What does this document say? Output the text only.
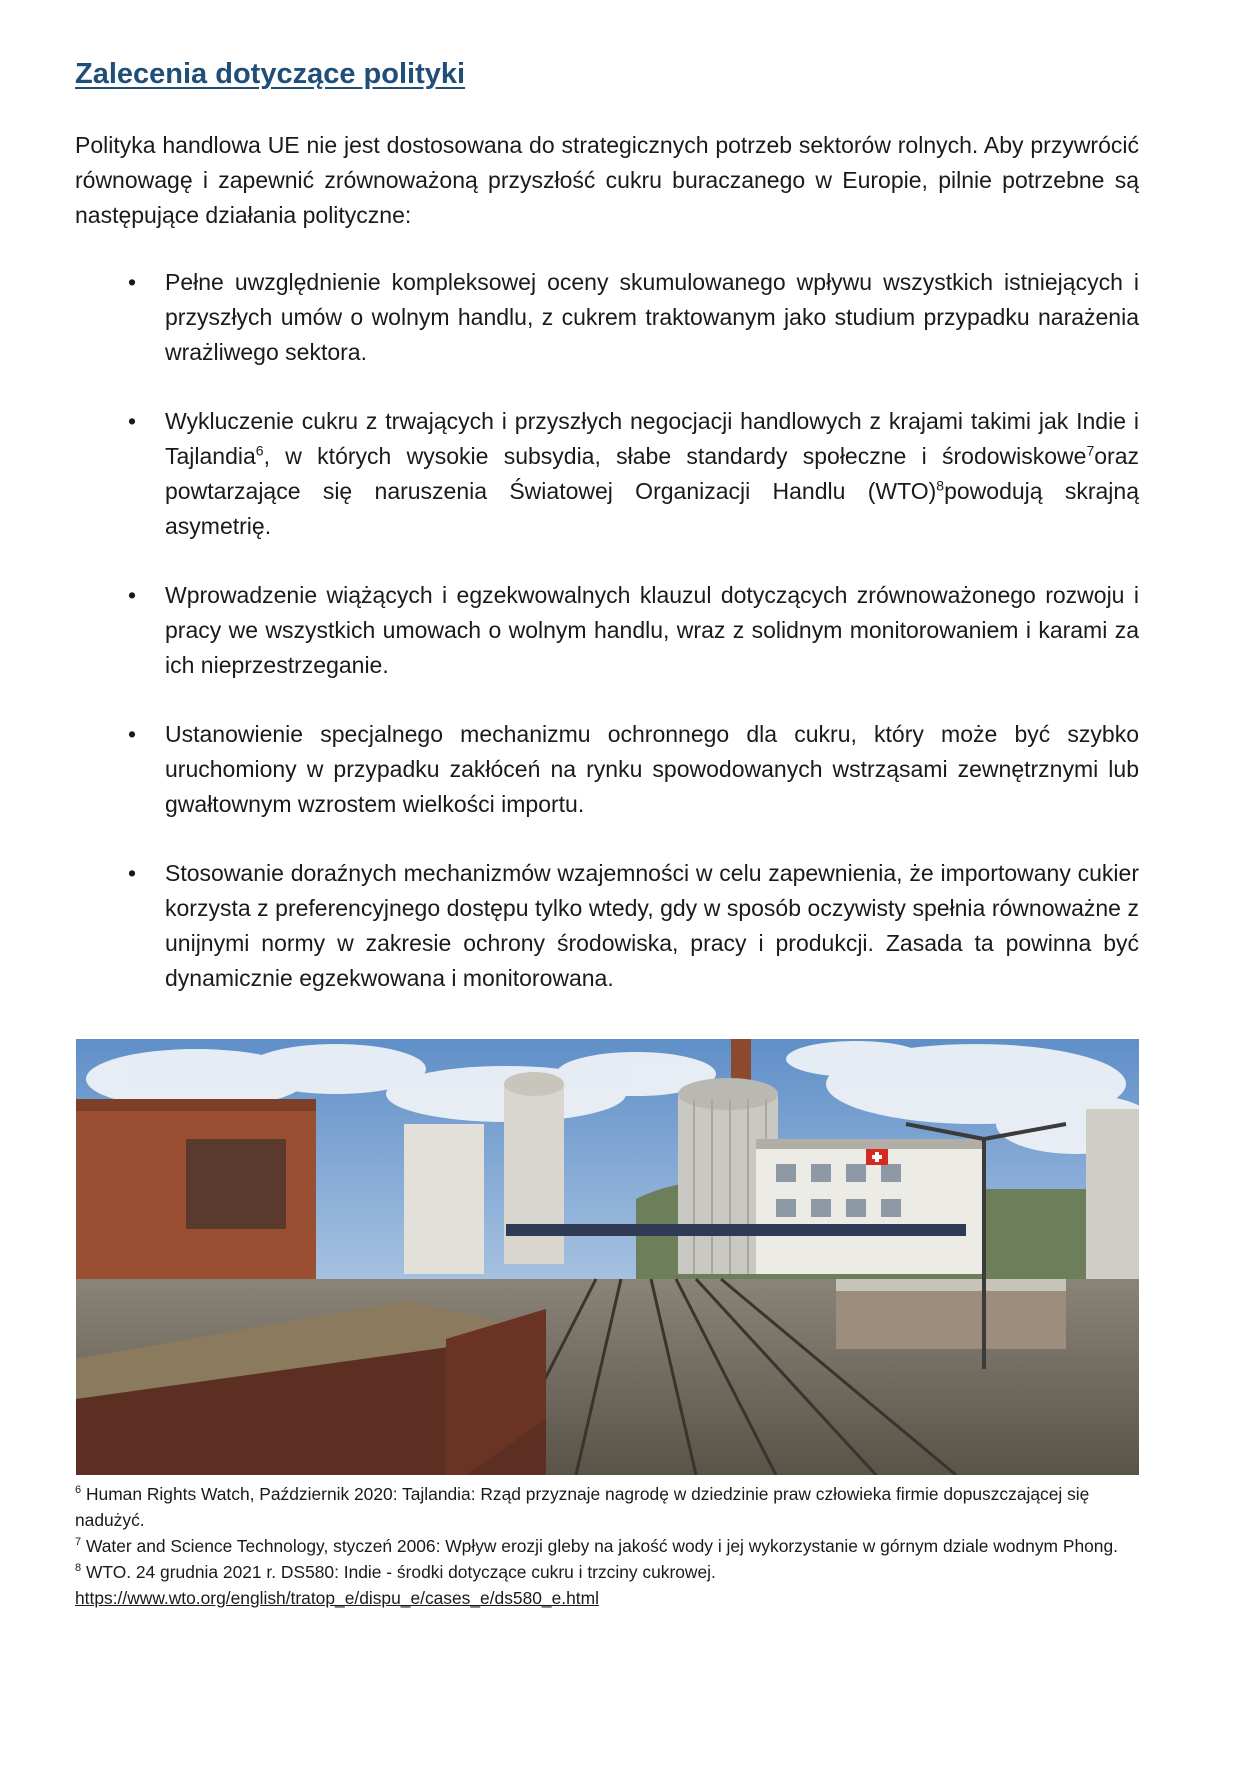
Zalecenia dotyczące polityki

Polityka handlowa UE nie jest dostosowana do strategicznych potrzeb sektorów rolnych. Aby przywrócić równowagę i zapewnić zrównoważoną przyszłość cukru buraczanego w Europie, pilnie potrzebne są następujące działania polityczne:

• Pełne uwzględnienie kompleksowej oceny skumulowanego wpływu wszystkich istniejących i przyszłych umów o wolnym handlu, z cukrem traktowanym jako studium przypadku narażenia wrażliwego sektora.
• Wykluczenie cukru z trwających i przyszłych negocjacji handlowych z krajami takimi jak Indie i Tajlandia$^6$, w których wysokie subsydia, słabe standardy społeczne i środowiskowe$^7$oraz powtarzające się naruszenia Światowej Organizacji Handlu (WTO)$^8$powodują skrajną asymetrię.
• Wprowadzenie wiążących i egzekwowalnych klauzul dotyczących zrównoważonego rozwoju i pracy we wszystkich umowach o wolnym handlu, wraz z solidnym monitorowaniem i karami za ich nieprzestrzeganie.
• Ustanowienie specjalnego mechanizmu ochronnego dla cukru, który może być szybko uruchomiony w przypadku zakłóceń na rynku spowodowanych wstrząsami zewnętrznymi lub gwałtownym wzrostem wielkości importu.
• Stosowanie doraźnych mechanizmów wzajemności w celu zapewnienia, że importowany cukier korzysta z preferencyjnego dostępu tylko wtedy, gdy w sposób oczywisty spełnia równoważne z unijnymi normy w zakresie ochrony środowiska, pracy i produkcji. Zasada ta powinna być dynamicznie egzekwowana i monitorowana.

$^6$ Human Rights Watch, Październik 2020: Tajlandia: Rząd przyznaje nagrodę w dziedzinie praw człowieka firmie dopuszczającej się nadużyć.

$^7$ Water and Science Technology, styczeń 2006: Wpływ erozji gleby na jakość wody i jej wykorzystanie w górnym dziale wodnym Phong.

$^8$ WTO. 24 grudnia 2021 r. DS580: Indie - środki dotyczące cukru i trzciny cukrowej.
https://www.wto.org/english/tratop_e/dispu_e/cases_e/ds580_e.html
